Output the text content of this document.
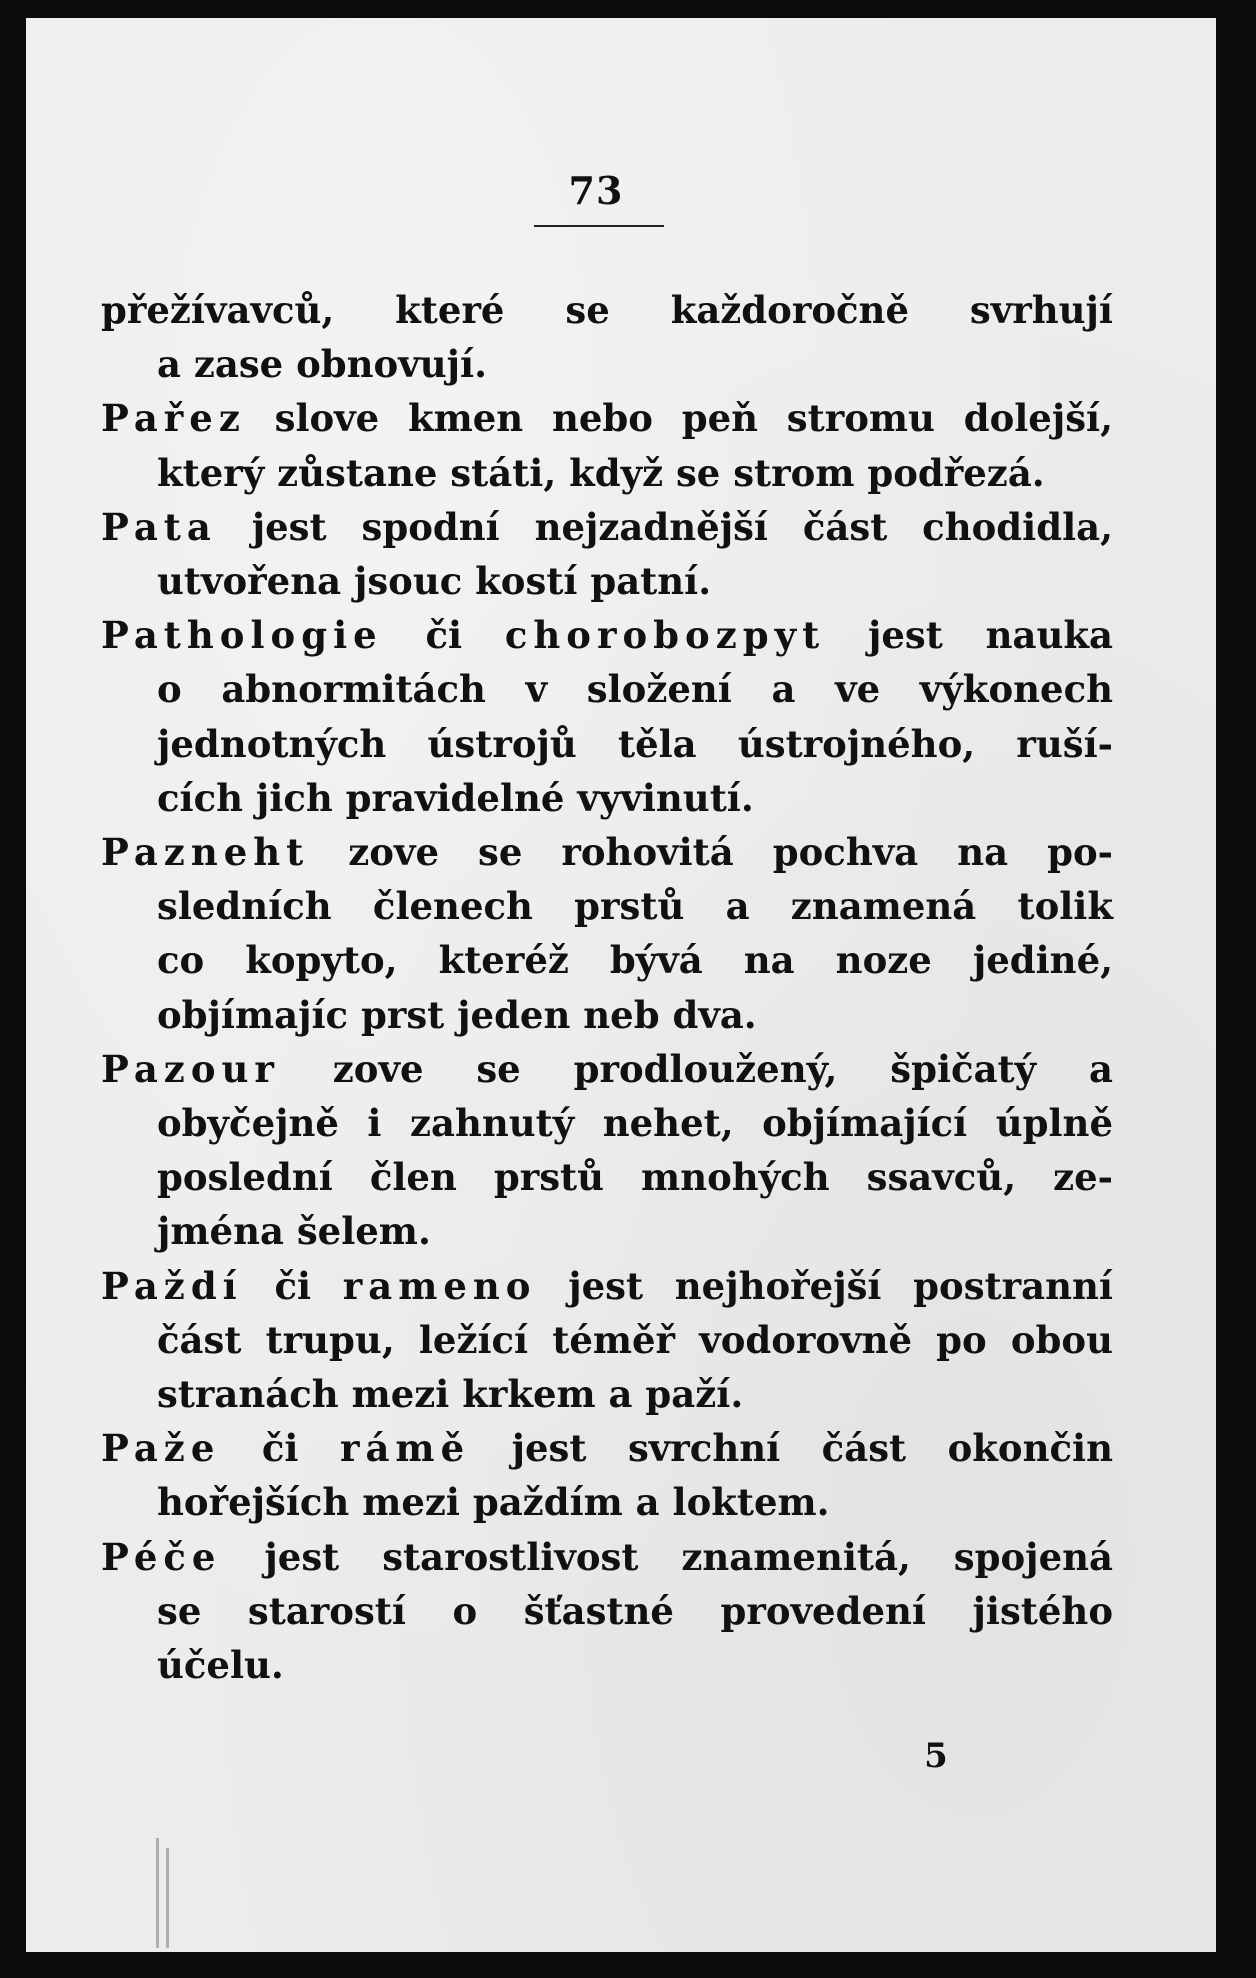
73

přežívavců, které se každoročně svrhují
a zase obnovují.

Pařez slove kmen nebo peň stromu dolejší,
který zůstane státi, když se strom podřezá.

Pata jest spodní nejzadnější část chodidla,
utvořena jsouc kostí patní.

Pathologie či chorobozpyt jest nauka
o abnormitách v složení a ve výkonech
jednotných ústrojů těla ústrojného, ruší-
cích jich pravidelné vyvinutí.

Pazneht zove se rohovitá pochva na po-
sledních členech prstů a znamená tolik
co kopyto, kteréž bývá na noze jediné,
objímajíc prst jeden neb dva.

Pazour zove se prodloužený, špičatý a
obyčejně i zahnutý nehet, objímající úplně
poslední člen prstů mnohých ssavců, ze-
jména šelem.

Paždí či rameno jest nejhořejší postranní
část trupu, ležící téměř vodorovně po obou
stranách mezi krkem a paží.

Paže či rámě jest svrchní část okončin
hořejších mezi paždím a loktem.

Péče jest starostlivost znamenitá, spojená
se starostí o šťastné provedení jistého
účelu.

5
